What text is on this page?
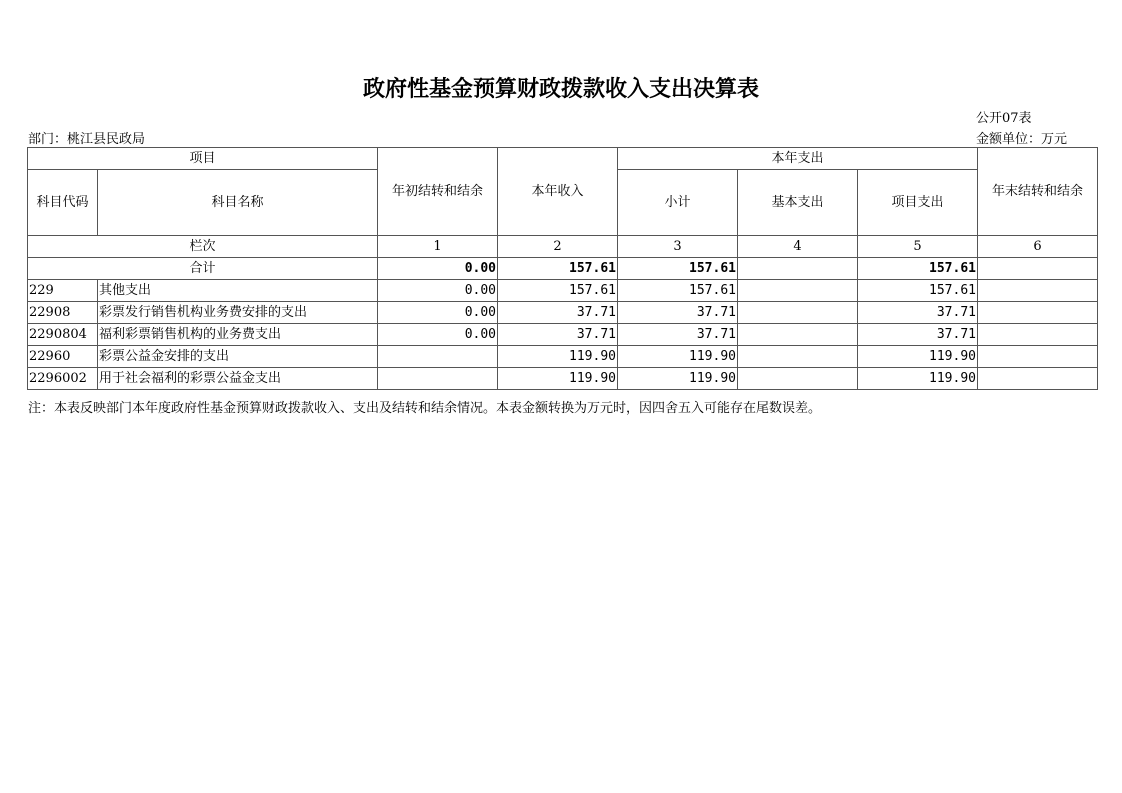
政府性基金预算财政拨款收入支出决算表
公开07表
部门：桃江县民政局	金额单位：万元
项目		年初结转和结余	本年收入	本年支出			年末结转和结余
科目代码	科目名称			小计	基本支出	项目支出	
栏次		1	2	3	4	5	6
合计		0.00	157.61	157.61		157.61	
229	其他支出	0.00	157.61	157.61		157.61	
22908	彩票发行销售机构业务费安排的支出	0.00	37.71	37.71		37.71	
2290804	福利彩票销售机构的业务费支出	0.00	37.71	37.71		37.71	
22960	彩票公益金安排的支出		119.90	119.90		119.90	
2296002	用于社会福利的彩票公益金支出		119.90	119.90		119.90	
注：本表反映部门本年度政府性基金预算财政拨款收入、支出及结转和结余情况。本表金额转换为万元时，因四舍五入可能存在尾数误差。
